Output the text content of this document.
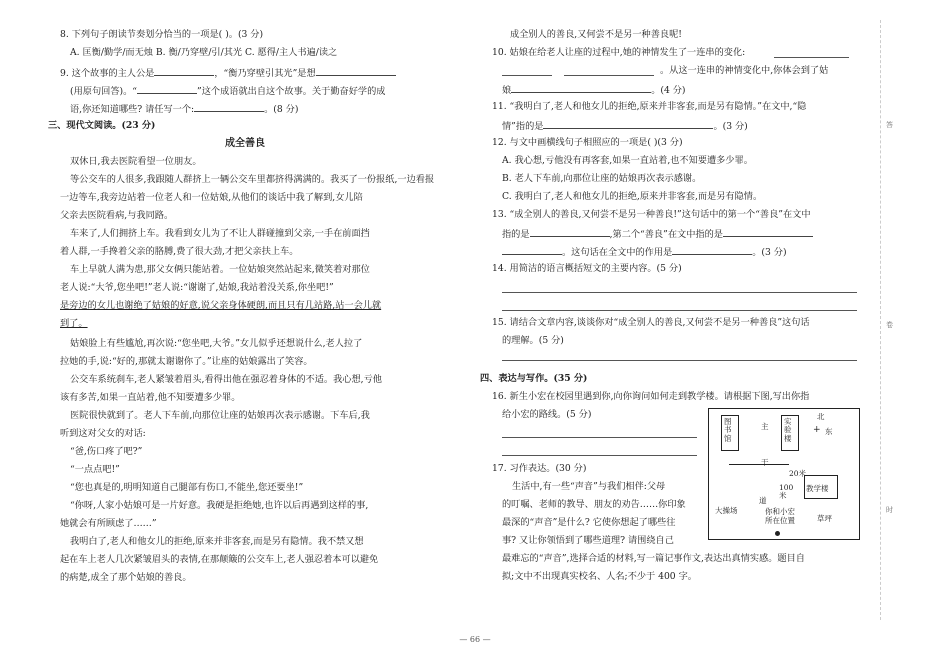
8. 下列句子朗读节奏划分恰当的一项是( )。(3 分)
A. 匡衡/勤学/而无烛 B. 衡/乃穿壁/引/其光 C. 愿得/主人书遍/读之
9. 这个故事的主人公是	，“衡乃穿壁引其光”是想
(用原句回答)。“	”这个成语就出自这个故事。关于勤奋好学的成
语,你还知道哪些? 请任写一个:	。(8 分)
三、现代文阅读。(23 分)
成全善良
双休日,我去医院看望一位朋友。
等公交车的人很多,我跟随人群挤上一辆公交车里都挤得满满的。我买了一份报纸,一边看报
一边等车,我旁边站着一位老人和一位姑娘,从他们的谈话中我了解到,女儿陪
父亲去医院看病,与我同路。
车来了,人们拥挤上车。我看到女儿为了不让人群碰撞到父亲,一手在前面挡
着人群,一手搀着父亲的胳膊,费了很大劲,才把父亲扶上车。
车上早就人满为患,那父女俩只能站着。一位姑娘突然站起来,微笑着对那位
老人说:“大爷,您坐吧!”老人说:“谢谢了,姑娘,我站着没关系,你坐吧!”
是旁边的女儿也谢绝了姑娘的好意,说父亲身体硬朗,而且只有几站路,站一会儿就
到了。
姑娘脸上有些尴尬,再次说:“您坐吧,大爷。”女儿似乎还想说什么,老人拉了
拉她的手,说:“好的,那就太谢谢你了。”让座的姑娘露出了笑容。
公交车系统刹车,老人紧皱着眉头,看得出他在强忍着身体的不适。我心想,亏他
该有多苦,如果一直站着,他不知要遭多少罪。
医院很快就到了。老人下车前,向那位让座的姑娘再次表示感谢。下车后,我
听到这对父女的对话:
“爸,伤口疼了吧?”
“一点点吧!”
“您也真是的,明明知道自己腿部有伤口,不能坐,您还要坐!”
“你呀,人家小姑娘可是一片好意。我硬是拒绝她,也许以后再遇到这样的事,
她就会有所顾虑了……”
我明白了,老人和他女儿的拒绝,原来并非客套,而是另有隐情。我不禁又想
起在车上老人几次紧皱眉头的表情,在那颠簸的公交车上,老人强忍着本可以避免
的病楚,成全了那个姑娘的善良。
成全别人的善良,又何尝不是另一种善良呢!
10. 姑娘在给老人让座的过程中,她的神情发生了一连串的变化:
。从这一连串的神情变化中,你体会到了姑
娘	。(4 分)
11. “我明白了,老人和他女儿的拒绝,原来并非客套,而是另有隐情。”在文中,“隐
情”指的是	。(3 分)
12. 与文中画横线句子相照应的一项是( )(3 分)
A. 我心想,亏他没有再客套,如果一直站着,也不知要遭多少罪。
B. 老人下车前,向那位让座的姑娘再次表示感谢。
C. 我明白了,老人和他女儿的拒绝,原来并非客套,而是另有隐情。
13. “成全别人的善良,又何尝不是另一种善良!”这句话中的第一个“善良”在文中
指的是	,第二个“善良”在文中指的是
。这句话在全文中的作用是	。(3 分)
14. 用简洁的语言概括短文的主要内容。(5 分)
15. 请结合文章内容,谈谈你对“成全别人的善良,又何尝不是另一种善良”这句话
的理解。(5 分)
四、表达与写作。(35 分)
16. 新生小宏在校园里遇到你,向你询问如何走到教学楼。请根据下图,写出你指
给小宏的路线。(5 分)
17. 习作表达。(30 分)
生活中,有一些“声音”与我们相伴:父母
的叮嘱、老师的教导、朋友的劝告……你印象
最深的“声音”是什么? 它使你想起了哪些往
事? 又让你领悟到了哪些道理? 请围绕自己
最难忘的“声音”,选择合适的材料,写一篇记事作文,表达出真情实感。题目自
拟;文中不出现真实校名、人名;不少于 400 字。
图书馆
实验楼
主
北
+ 东
干
20米
100米
教学楼
道
大操场	你和小宏所在位置	草坪
答
卷
时
— 66 —
